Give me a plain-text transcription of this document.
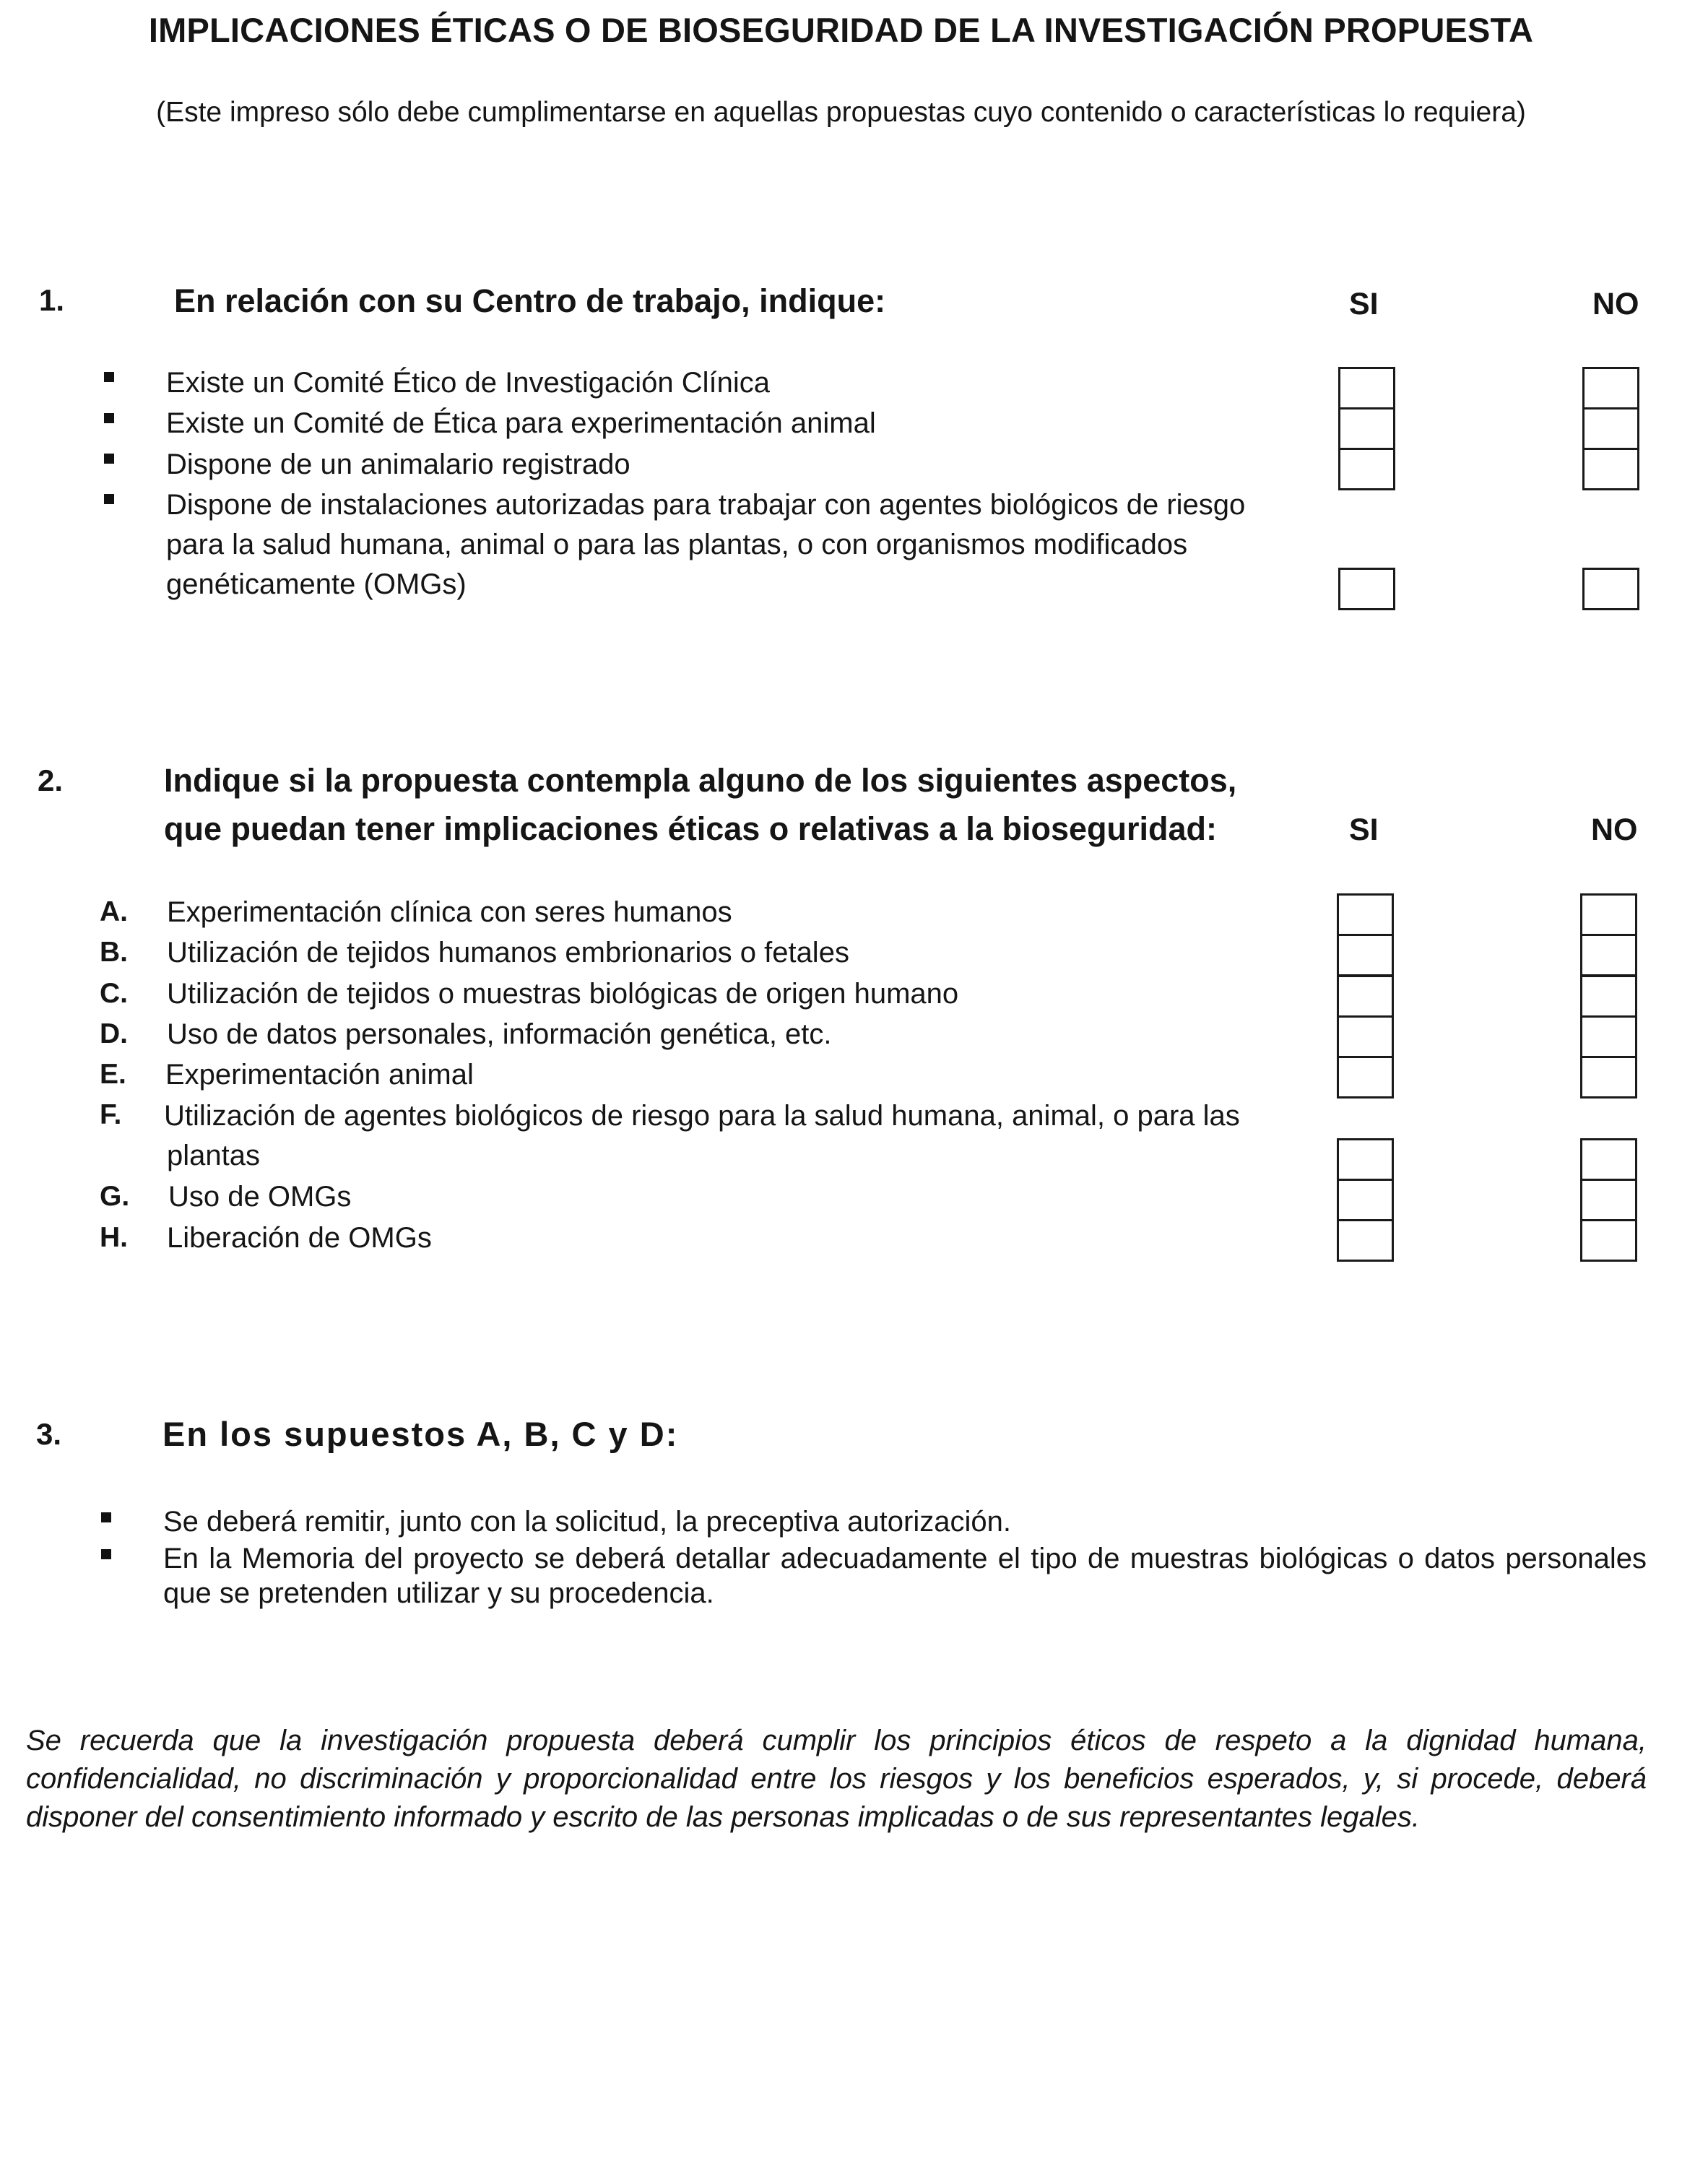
IMPLICACIONES ÉTICAS O DE BIOSEGURIDAD DE LA INVESTIGACIÓN PROPUESTA
(Este impreso sólo debe cumplimentarse en aquellas propuestas cuyo contenido o características lo requiera)
1.	En relación con su Centro de trabajo, indique:	SI	NO
Existe un Comité Ético de Investigación Clínica
Existe un Comité de Ética para experimentación animal
Dispone de un animalario registrado
Dispone de instalaciones autorizadas para trabajar con agentes biológicos de riesgo
para la salud humana, animal o para las plantas, o con organismos modificados
genéticamente (OMGs)
2.	Indique si la propuesta contempla alguno de los siguientes aspectos,
que puedan tener implicaciones éticas o relativas a la bioseguridad:	SI	NO
A. Experimentación clínica con seres humanos
B. Utilización de tejidos humanos embrionarios o fetales
C. Utilización de tejidos o muestras biológicas de origen humano
D. Uso de datos personales, información genética, etc.
E. Experimentación animal
F. Utilización de agentes biológicos de riesgo para la salud humana, animal, o para las
plantas
G. Uso de OMGs
H. Liberación de OMGs
3.	En los supuestos A, B, C y D:
Se deberá remitir, junto con la solicitud, la preceptiva autorización.
En la Memoria del proyecto se deberá detallar adecuadamente el tipo de muestras biológicas o datos personales
que se pretenden utilizar y su procedencia.
Se recuerda que la investigación propuesta deberá cumplir los principios éticos de respeto a la dignidad humana, confidencialidad, no discriminación y proporcionalidad entre los riesgos y los beneficios esperados, y, si procede, deberá disponer del consentimiento informado y escrito de las personas implicadas o de sus representantes legales.
